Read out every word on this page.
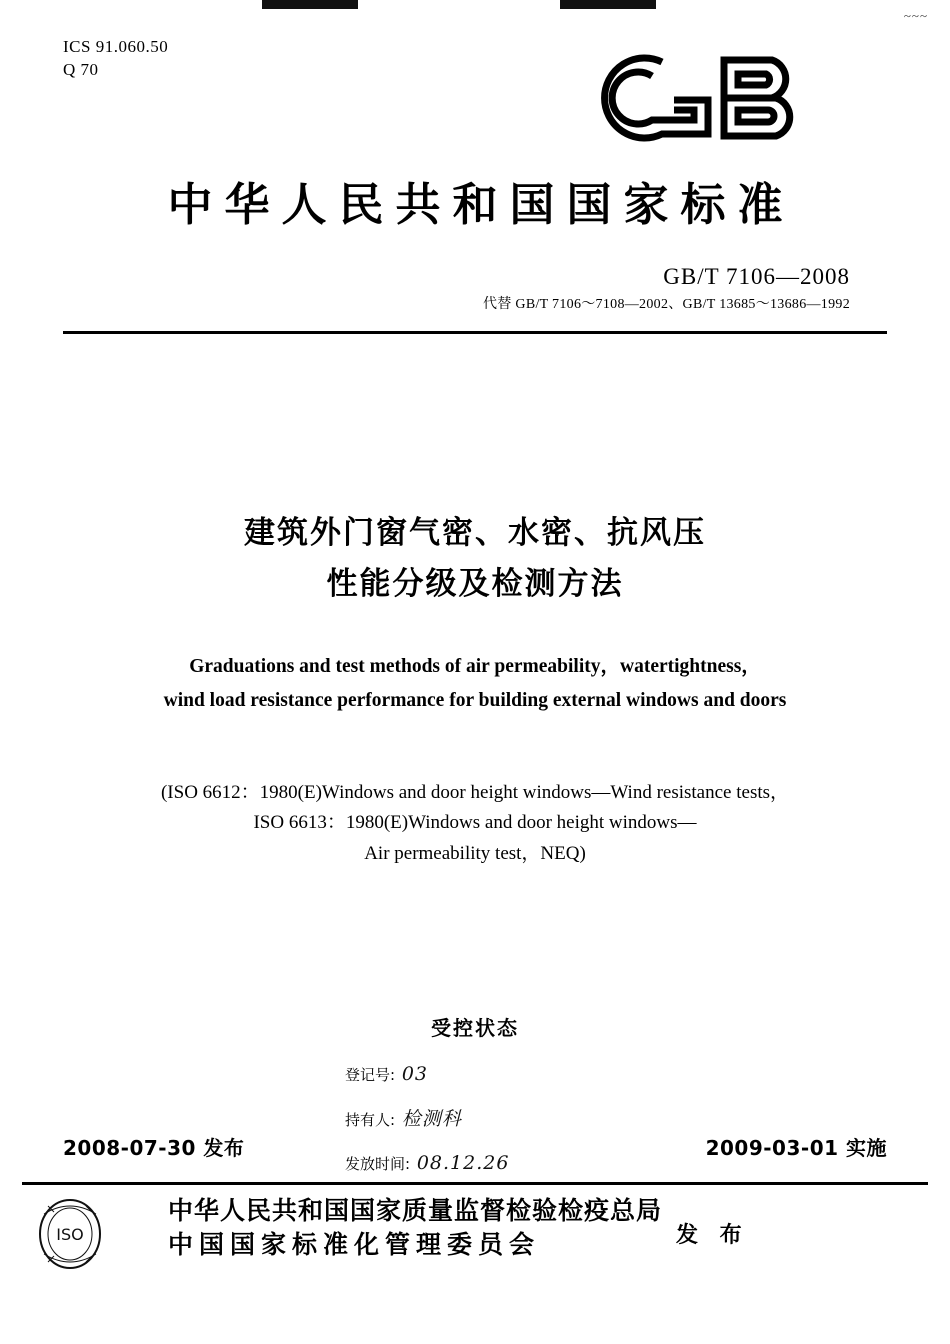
~~~
ICS 91.060.50
Q 70
中华人民共和国国家标准
GB/T 7106—2008
代替 GB/T 7106～7108—2002、GB/T 13685～13686—1992
建筑外门窗气密、水密、抗风压
性能分级及检测方法
Graduations and test methods of air permeability，watertightness，
wind load resistance performance for building external windows and doors
(ISO 6612：1980(E)Windows and door height windows—Wind resistance tests，
ISO 6613：1980(E)Windows and door height windows—
Air permeability test，NEQ)
受控状态
登记号: 03
持有人: 检测科
发放时间: 08.12.26
2008-07-30 发布	2009-03-01 实施
ISO
中华人民共和国国家质量监督检验检疫总局
中国国家标准化管理委员会	发 布
